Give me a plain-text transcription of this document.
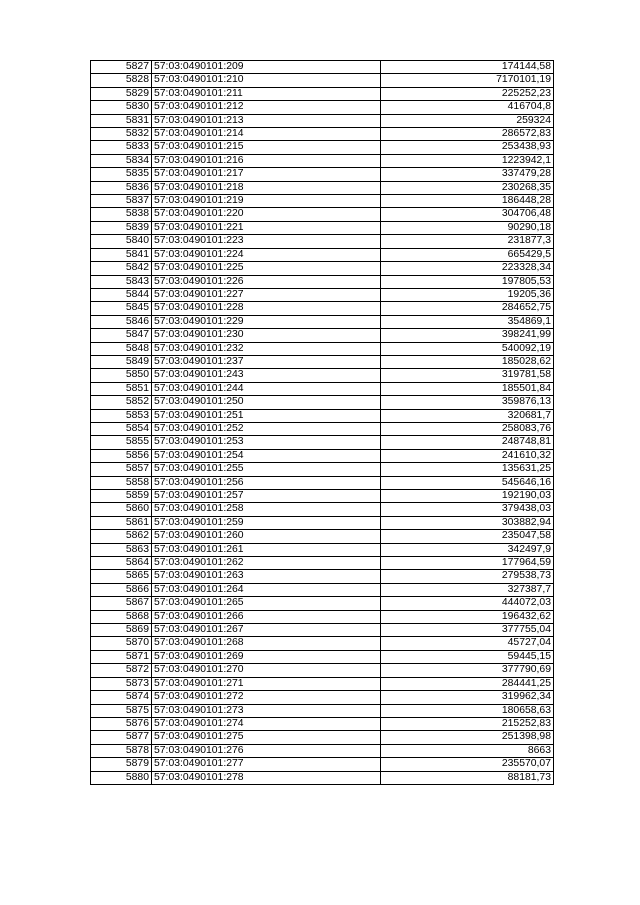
5827	57:03:0490101:209	174144,58
5828	57:03:0490101:210	7170101,19
5829	57:03:0490101:211	225252,23
5830	57:03:0490101:212	416704,8
5831	57:03:0490101:213	259324
5832	57:03:0490101:214	286572,83
5833	57:03:0490101:215	253438,93
5834	57:03:0490101:216	1223942,1
5835	57:03:0490101:217	337479,28
5836	57:03:0490101:218	230268,35
5837	57:03:0490101:219	186448,28
5838	57:03:0490101:220	304706,48
5839	57:03:0490101:221	90290,18
5840	57:03:0490101:223	231877,3
5841	57:03:0490101:224	665429,5
5842	57:03:0490101:225	223328,34
5843	57:03:0490101:226	197805,53
5844	57:03:0490101:227	19205,36
5845	57:03:0490101:228	284652,75
5846	57:03:0490101:229	354869,1
5847	57:03:0490101:230	398241,99
5848	57:03:0490101:232	540092,19
5849	57:03:0490101:237	185028,62
5850	57:03:0490101:243	319781,58
5851	57:03:0490101:244	185501,84
5852	57:03:0490101:250	359876,13
5853	57:03:0490101:251	320681,7
5854	57:03:0490101:252	258083,76
5855	57:03:0490101:253	248748,81
5856	57:03:0490101:254	241610,32
5857	57:03:0490101:255	135631,25
5858	57:03:0490101:256	545646,16
5859	57:03:0490101:257	192190,03
5860	57:03:0490101:258	379438,03
5861	57:03:0490101:259	303882,94
5862	57:03:0490101:260	235047,58
5863	57:03:0490101:261	342497,9
5864	57:03:0490101:262	177964,59
5865	57:03:0490101:263	279538,73
5866	57:03:0490101:264	327387,7
5867	57:03:0490101:265	444072,03
5868	57:03:0490101:266	196432,62
5869	57:03:0490101:267	377755,04
5870	57:03:0490101:268	45727,04
5871	57:03:0490101:269	59445,15
5872	57:03:0490101:270	377790,69
5873	57:03:0490101:271	284441,25
5874	57:03:0490101:272	319962,34
5875	57:03:0490101:273	180658,63
5876	57:03:0490101:274	215252,83
5877	57:03:0490101:275	251398,98
5878	57:03:0490101:276	8663
5879	57:03:0490101:277	235570,07
5880	57:03:0490101:278	88181,73
